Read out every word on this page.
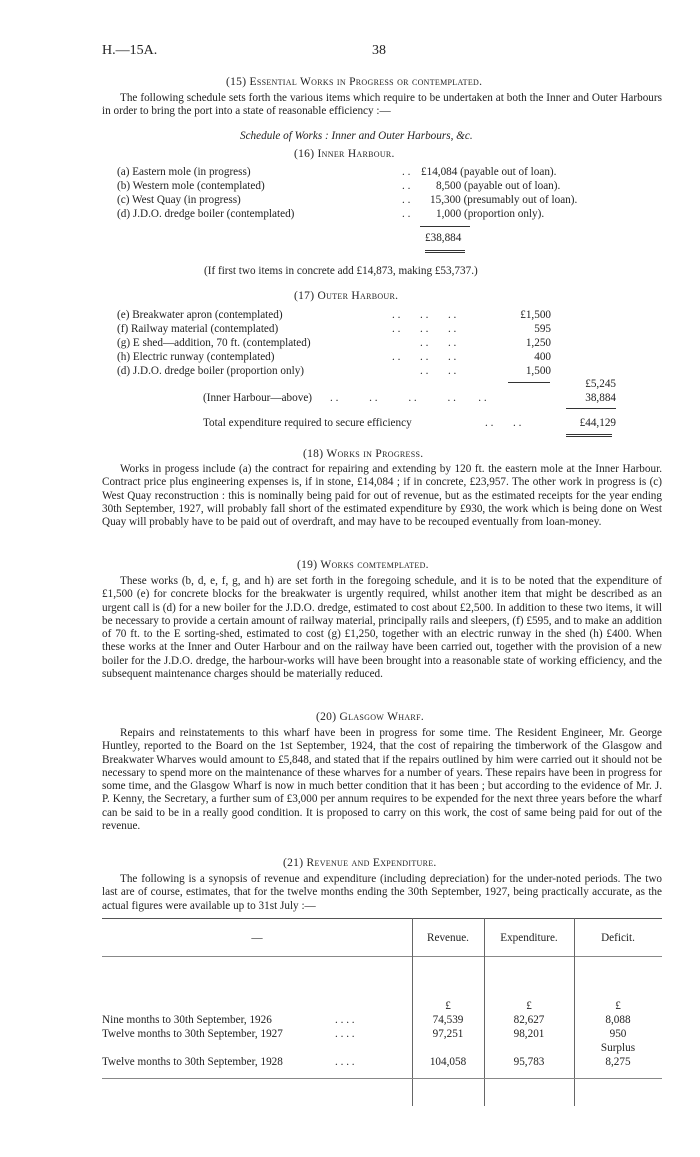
H.—15A.	38
(15) Essential Works in Progress or contemplated.
The following schedule sets forth the various items which require to be undertaken at both the Inner and Outer Harbours in order to bring the port into a state of reasonable efficiency :—
Schedule of Works : Inner and Outer Harbours, &c.
(16) Inner Harbour.
(a) Eastern mole (in progress)	. . £14,084 (payable out of loan).
(b) Western mole (contemplated)	. . 8,500 (payable out of loan).
(c) West Quay (in progress)	. . 15,300 (presumably out of loan).
(d) J.D.O. dredge boiler (contemplated)	. . 1,000 (proportion only).
£38,884
(If first two items in concrete add £14,873, making £53,737.)
(17) Outer Harbour.
(e) Breakwater apron (contemplated)	. .       . .       . .	£1,500
(f) Railway material (contemplated)	. .       . .       . .	595
(g) E shed—addition, 70 ft. (contemplated)	. .       . .	1,250
(h) Electric runway (contemplated)	. .       . .       . .	400
(d) J.D.O. dredge boiler (proportion only)	. .       . .	1,500
£5,245
(Inner Harbour—above) . .           . .           . .           . .        . .	38,884
Total expenditure required to secure efficiency	. .       . .	£44,129
(18) Works in Progress.
Works in progess include (a) the contract for repairing and extending by 120 ft. the eastern mole at the Inner Harbour. Contract price plus engineering expenses is, if in stone, £14,084 ; if in concrete, £23,957. The other work in progress is (c) West Quay reconstruction : this is nominally being paid for out of revenue, but as the estimated receipts for the year ending 30th September, 1927, will probably fall short of the estimated expenditure by £930, the work which is being done on West Quay will probably have to be paid out of overdraft, and may have to be recouped eventually from loan-money.
(19) Works comtemplated.
These works (b, d, e, f, g, and h) are set forth in the foregoing schedule, and it is to be noted that the expenditure of £1,500 (e) for concrete blocks for the breakwater is urgently required, whilst another item that might be described as an urgent call is (d) for a new boiler for the J.D.O. dredge, estimated to cost about £2,500. In addition to these two items, it will be necessary to provide a certain amount of railway material, principally rails and sleepers, (f) £595, and to make an addition of 70 ft. to the E sorting-shed, estimated to cost (g) £1,250, together with an electric runway in the shed (h) £400. When these works at the Inner and Outer Harbour and on the railway have been carried out, together with the provision of a new boiler for the J.D.O. dredge, the harbour-works will have been brought into a reasonable state of working efficiency, and the subsequent maintenance charges should be materially reduced.
(20) Glasgow Wharf.
Repairs and reinstatements to this wharf have been in progress for some time. The Resident Engineer, Mr. George Huntley, reported to the Board on the 1st September, 1924, that the cost of repairing the timberwork of the Glasgow and Breakwater Wharves would amount to £5,848, and stated that if the repairs outlined by him were carried out it should not be necessary to spend more on the maintenance of these wharves for a number of years. These repairs have been in progress for some time, and the Glasgow Wharf is now in much better condition that it has been ; but according to the evidence of Mr. J. P. Kenny, the Secretary, a further sum of £3,000 per annum requires to be expended for the next three years before the wharf can be said to be in a really good condition. It is proposed to carry on this work, the cost of same being paid for out of the revenue.
(21) Revenue and Expenditure.
The following is a synopsis of revenue and expenditure (including depreciation) for the under-noted periods. The two last are of course, estimates, that for the twelve months ending the 30th September, 1927, being practically accurate, as the actual figures were available up to 31st July :—
—	Revenue.	Expenditure.	Deficit.
£	£	£
Nine months to 30th September, 1926	. . . .	74,539	82,627	8,088
Twelve months to 30th September, 1927	. . . .	97,251	98,201	950
Surplus
Twelve months to 30th September, 1928	. . . .	104,058	95,783	8,275
